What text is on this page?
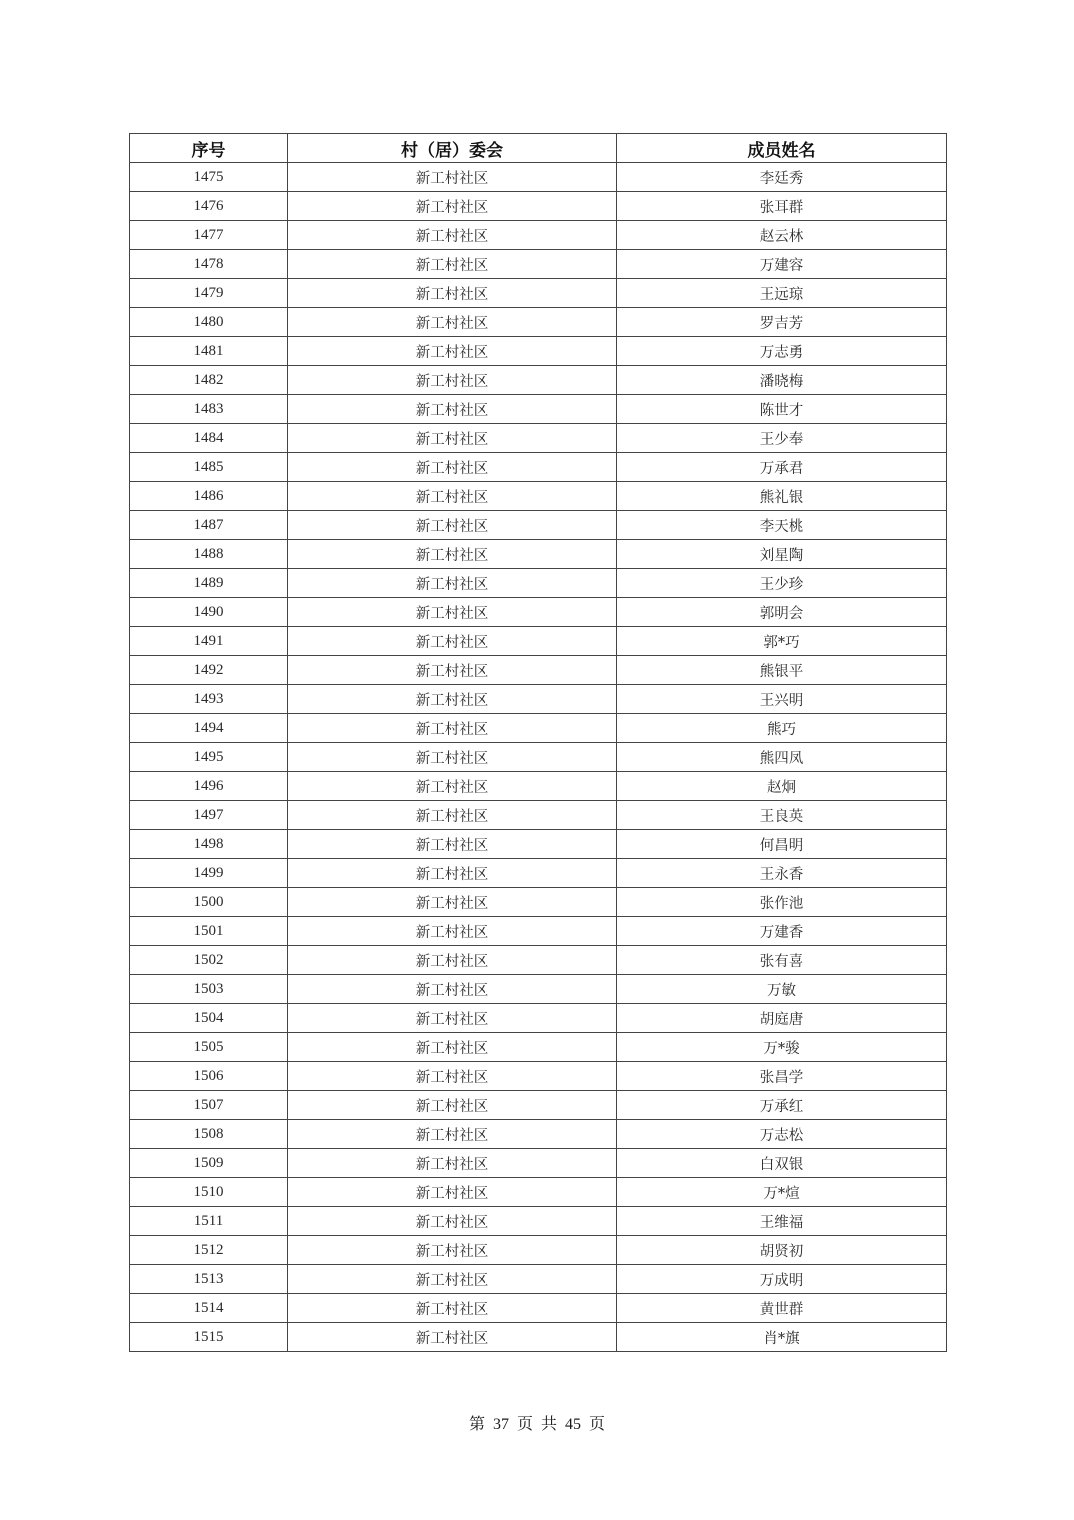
序号	村（居）委会	成员姓名
1475	新工村社区	李廷秀
1476	新工村社区	张耳群
1477	新工村社区	赵云林
1478	新工村社区	万建容
1479	新工村社区	王远琼
1480	新工村社区	罗吉芳
1481	新工村社区	万志勇
1482	新工村社区	潘晓梅
1483	新工村社区	陈世才
1484	新工村社区	王少奉
1485	新工村社区	万承君
1486	新工村社区	熊礼银
1487	新工村社区	李天桃
1488	新工村社区	刘星陶
1489	新工村社区	王少珍
1490	新工村社区	郭明会
1491	新工村社区	郭*巧
1492	新工村社区	熊银平
1493	新工村社区	王兴明
1494	新工村社区	熊巧
1495	新工村社区	熊四凤
1496	新工村社区	赵炯
1497	新工村社区	王良英
1498	新工村社区	何昌明
1499	新工村社区	王永香
1500	新工村社区	张作池
1501	新工村社区	万建香
1502	新工村社区	张有喜
1503	新工村社区	万敏
1504	新工村社区	胡庭唐
1505	新工村社区	万*骏
1506	新工村社区	张昌学
1507	新工村社区	万承红
1508	新工村社区	万志松
1509	新工村社区	白双银
1510	新工村社区	万*煊
1511	新工村社区	王维福
1512	新工村社区	胡贤初
1513	新工村社区	万成明
1514	新工村社区	黄世群
1515	新工村社区	肖*旗
第 37 页 共 45 页
